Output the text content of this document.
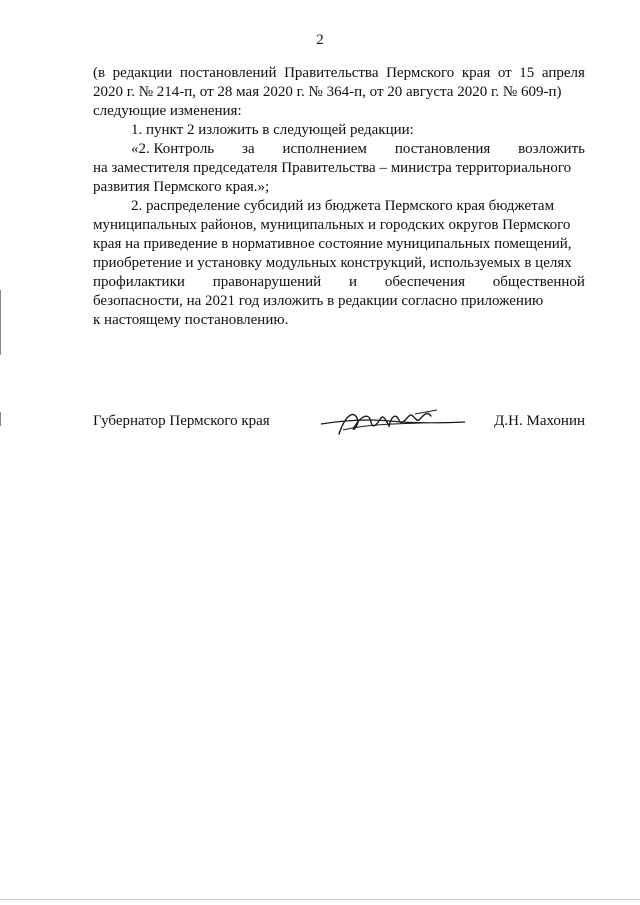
2
(в редакции постановлений Правительства Пермского края от 15 апреля
2020 г. № 214-п, от 28 мая 2020 г. № 364-п, от 20 августа 2020 г. № 609-п)
следующие изменения:
1. пункт 2 изложить в следующей редакции:
«2. Контроль за исполнением постановления возложить
на заместителя председателя Правительства – министра территориального
развития Пермского края.»;
2. распределение субсидий из бюджета Пермского края бюджетам
муниципальных районов, муниципальных и городских округов Пермского
края на приведение в нормативное состояние муниципальных помещений,
приобретение и установку модульных конструкций, используемых в целях
профилактики правонарушений и обеспечения общественной
безопасности, на 2021 год изложить в редакции согласно приложению
к настоящему постановлению.
Губернатор Пермского края	Д.Н. Махонин
